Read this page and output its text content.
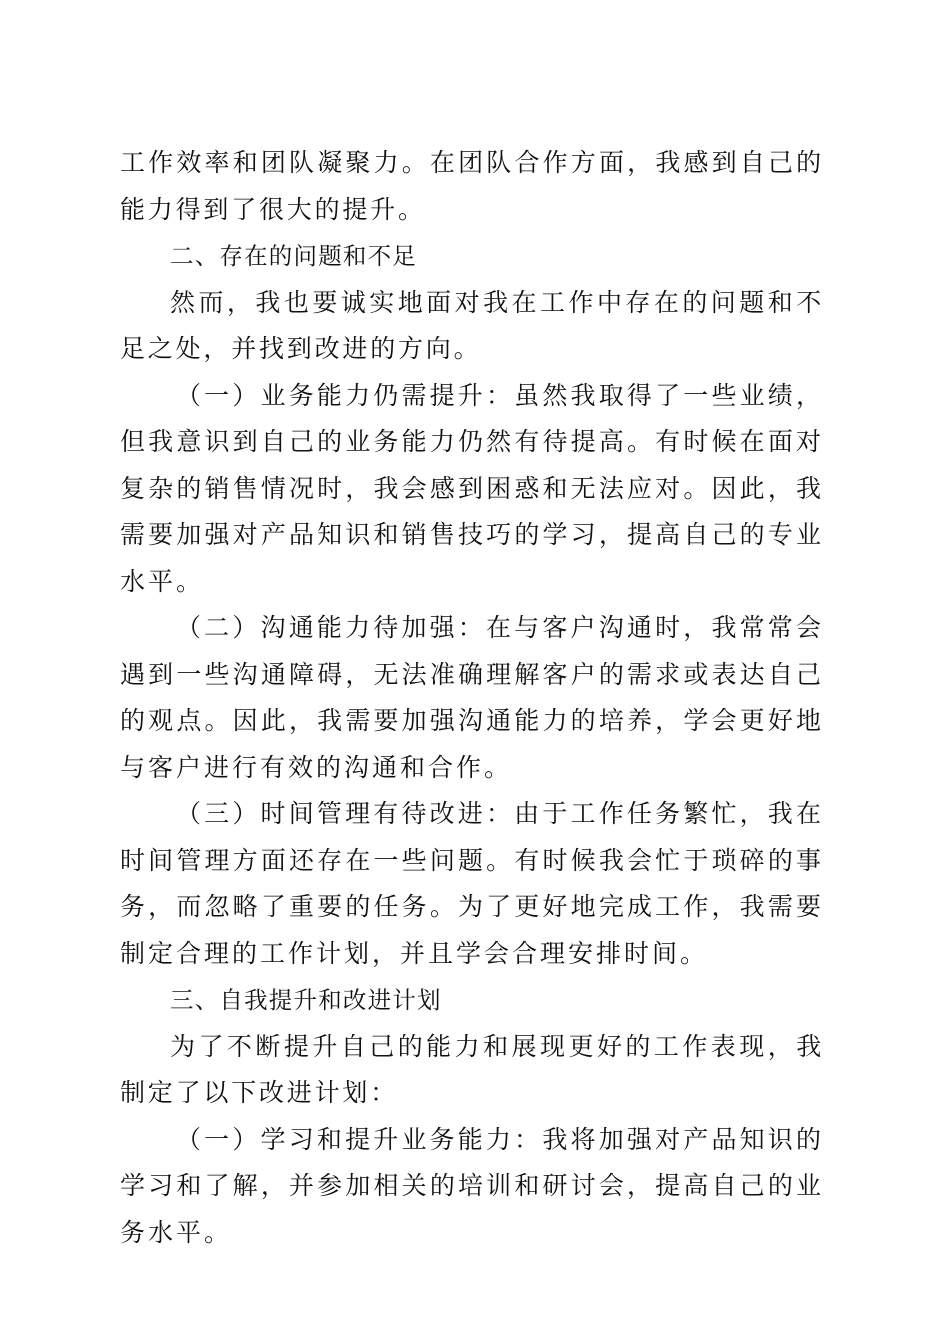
工作效率和团队凝聚力。在团队合作方面，我感到自己的能力得到了很大的提升。

二、存在的问题和不足

然而，我也要诚实地面对我在工作中存在的问题和不足之处，并找到改进的方向。

（一）业务能力仍需提升：虽然我取得了一些业绩，但我意识到自己的业务能力仍然有待提高。有时候在面对复杂的销售情况时，我会感到困惑和无法应对。因此，我需要加强对产品知识和销售技巧的学习，提高自己的专业水平。

（二）沟通能力待加强：在与客户沟通时，我常常会遇到一些沟通障碍，无法准确理解客户的需求或表达自己的观点。因此，我需要加强沟通能力的培养，学会更好地与客户进行有效的沟通和合作。

（三）时间管理有待改进：由于工作任务繁忙，我在时间管理方面还存在一些问题。有时候我会忙于琐碎的事务，而忽略了重要的任务。为了更好地完成工作，我需要制定合理的工作计划，并且学会合理安排时间。

三、自我提升和改进计划

为了不断提升自己的能力和展现更好的工作表现，我制定了以下改进计划：

（一）学习和提升业务能力：我将加强对产品知识的学习和了解，并参加相关的培训和研讨会，提高自己的业务水平。
